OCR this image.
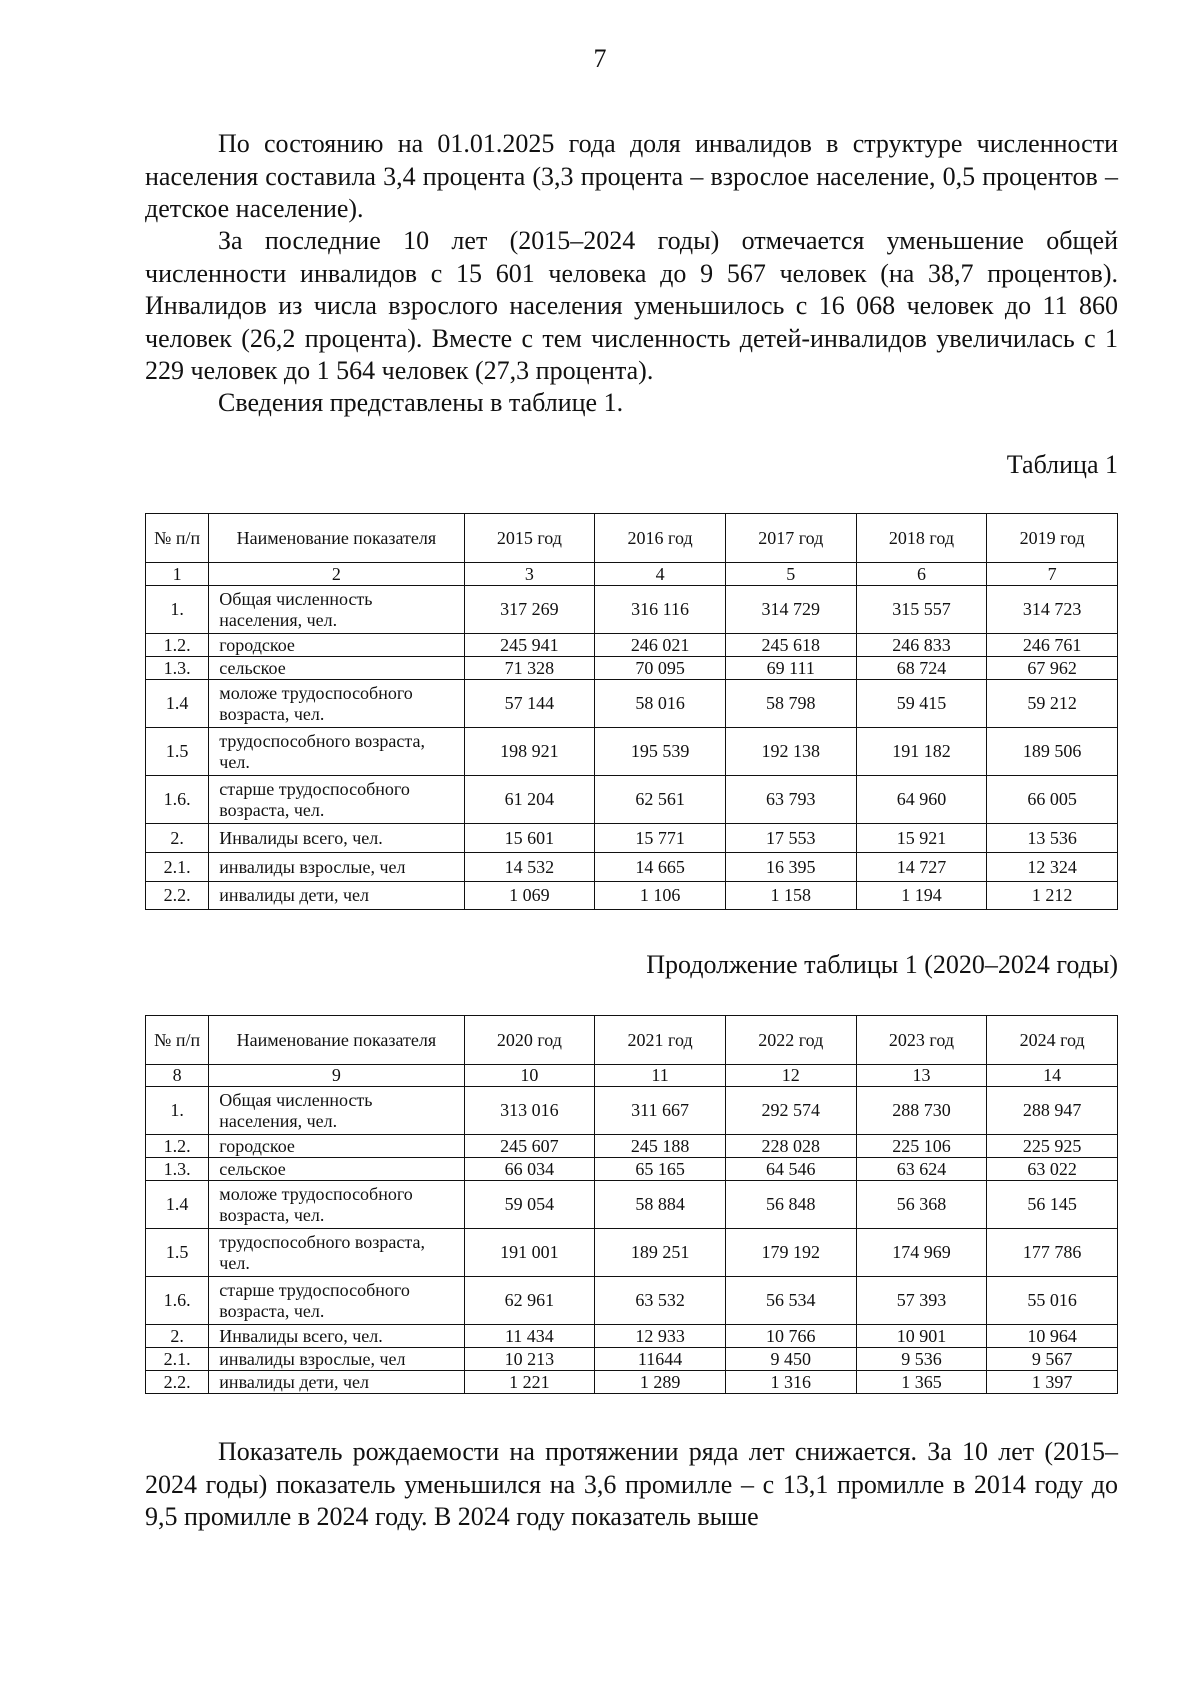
7

По состоянию на 01.01.2025 года доля инвалидов в структуре численности населения составила 3,4 процента (3,3 процента – взрослое население, 0,5 процентов – детское население).

За последние 10 лет (2015–2024 годы) отмечается уменьшение общей численности инвалидов с 15 601 человека до 9 567 человек (на 38,7 процентов). Инвалидов из числа взрослого населения уменьшилось с 16 068 человек до 11 860 человек (26,2 процента). Вместе с тем численность детей-инвалидов увеличилась с 1 229 человек до 1 564 человек (27,3 процента).

Сведения представлены в таблице 1.

Таблица 1

№ п/п	Наименование показателя	2015 год	2016 год	2017 год	2018 год	2019 год
1	2	3	4	5	6	7
1.	Общая численность населения, чел.	317 269	316 116	314 729	315 557	314 723
1.2.	городское	245 941	246 021	245 618	246 833	246 761
1.3.	сельское	71 328	70 095	69 111	68 724	67 962
1.4	моложе трудоспособного возраста, чел.	57 144	58 016	58 798	59 415	59 212
1.5	трудоспособного возраста, чел.	198 921	195 539	192 138	191 182	189 506
1.6.	старше трудоспособного возраста, чел.	61 204	62 561	63 793	64 960	66 005
2.	Инвалиды всего, чел.	15 601	15 771	17 553	15 921	13 536
2.1.	инвалиды взрослые, чел	14 532	14 665	16 395	14 727	12 324
2.2.	инвалиды дети, чел	1 069	1 106	1 158	1 194	1 212

Продолжение таблицы 1 (2020–2024 годы)

№ п/п	Наименование показателя	2020 год	2021 год	2022 год	2023 год	2024 год
8	9	10	11	12	13	14
1.	Общая численность населения, чел.	313 016	311 667	292 574	288 730	288 947
1.2.	городское	245 607	245 188	228 028	225 106	225 925
1.3.	сельское	66 034	65 165	64 546	63 624	63 022
1.4	моложе трудоспособного возраста, чел.	59 054	58 884	56 848	56 368	56 145
1.5	трудоспособного возраста, чел.	191 001	189 251	179 192	174 969	177 786
1.6.	старше трудоспособного возраста, чел.	62 961	63 532	56 534	57 393	55 016
2.	Инвалиды всего, чел.	11 434	12 933	10 766	10 901	10 964
2.1.	инвалиды взрослые, чел	10 213	11644	9 450	9 536	9 567
2.2.	инвалиды дети, чел	1 221	1 289	1 316	1 365	1 397

Показатель рождаемости на протяжении ряда лет снижается. За 10 лет (2015–2024 годы) показатель уменьшился на 3,6 промилле – с 13,1 промилле в 2014 году до 9,5 промилле в 2024 году. В 2024 году показатель выше
